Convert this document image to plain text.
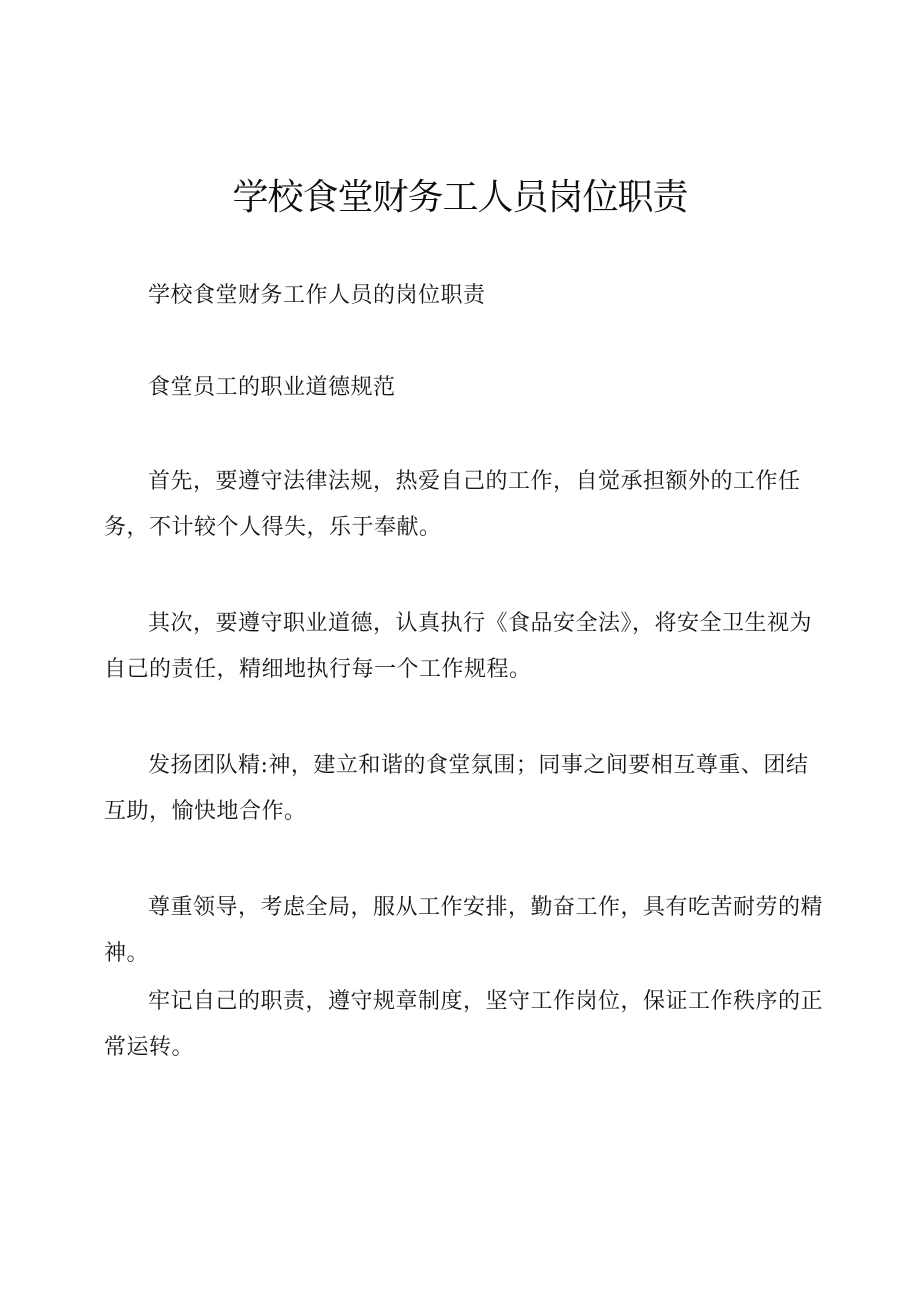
学校食堂财务工人员岗位职责

学校食堂财务工作人员的岗位职责

食堂员工的职业道德规范

首先，要遵守法律法规，热爱自己的工作，自觉承担额外的工作任务，不计较个人得失，乐于奉献。

其次，要遵守职业道德，认真执行《食品安全法》，将安全卫生视为自己的责任，精细地执行每一个工作规程。

发扬团队精:神，建立和谐的食堂氛围；同事之间要相互尊重、团结互助，愉快地合作。

尊重领导，考虑全局，服从工作安排，勤奋工作，具有吃苦耐劳的精神。

牢记自己的职责，遵守规章制度，坚守工作岗位，保证工作秩序的正常运转。
